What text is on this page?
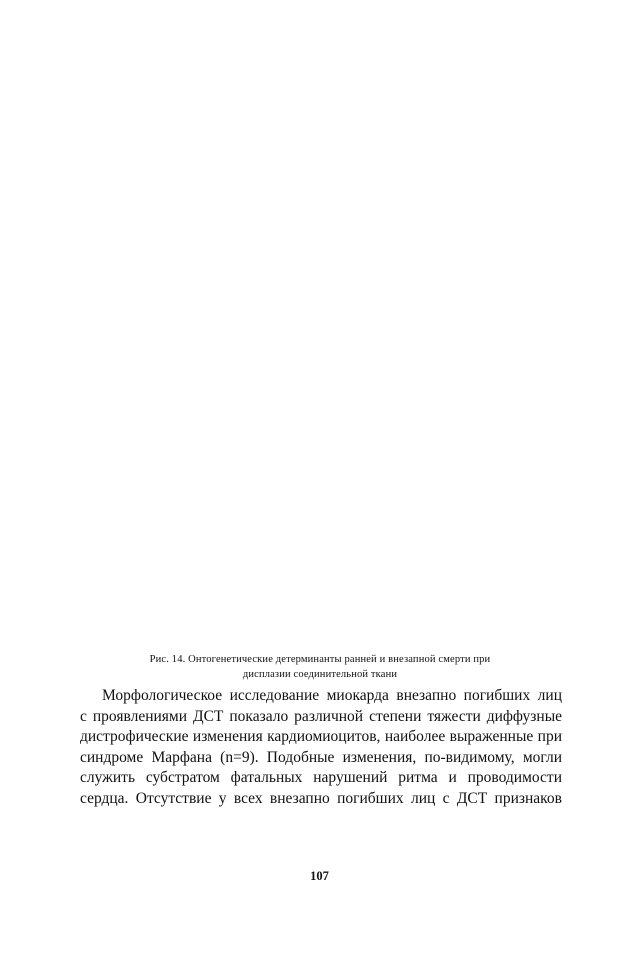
Рис. 14. Онтогенетические детерминанты ранней и внезапной смерти при
дисплазии соединительной ткани
Морфологическое исследование миокарда внезапно погибших лиц
с проявлениями ДСТ показало различной степени тяжести диффузные
дистрофические изменения кардиомиоцитов, наиболее выраженные при
синдроме Марфана (n=9). Подобные изменения, по-видимому, могли
служить субстратом фатальных нарушений ритма и проводимости
сердца. Отсутствие у всех внезапно погибших лиц с ДСТ признаков
107
